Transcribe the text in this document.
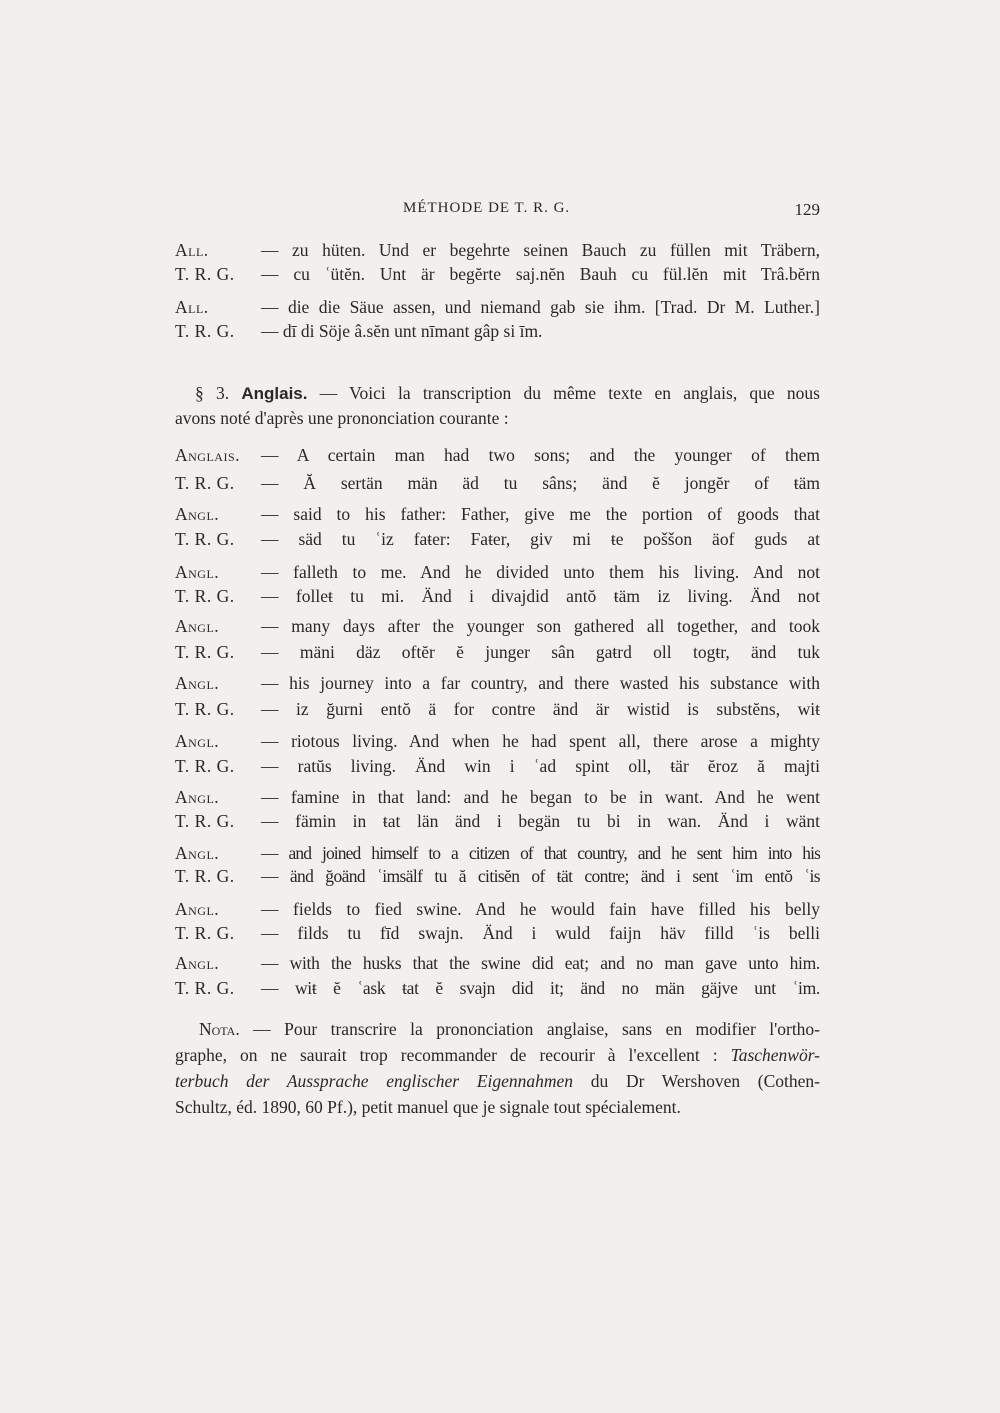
MÉTHODE DE T. R. G.	129
All.	— zu hüten. Und er begehrte seinen Bauch zu füllen mit Träbern,
T. R. G.	— cu ʿütĕn. Unt är begĕrte saj.nĕn Bauh cu fül.lĕn mit Trâ.bĕrn
All.	— die die Säue assen, und niemand gab sie ihm. [Trad. Dr M. Luther.]
T. R. G.	— dī di Söje â.sĕn unt nīmant gâp si īm.
§ 3. Anglais. — Voici la transcription du même texte en anglais, que nous
avons noté d'après une prononciation courante :
Anglais.	— A certain man had two sons; and the younger of them
T. R. G.	— Ă sertän män äd tu sâns; änd ĕ jongĕr of ŧäm
Angl.	— said to his father: Father, give me the portion of goods that
T. R. G.	— säd tu ʿiz faŧer: Faŧer, giv mi ŧe poššon äof guds at
Angl.	— falleth to me. And he divided unto them his living. And not
T. R. G.	— folleŧ tu mi. Änd i divajdid antŏ ŧäm iz living. Änd not
Angl.	— many days after the younger son gathered all together, and took
T. R. G.	— mäni däz oftĕr ĕ junger sân gaŧrd oll togŧr, änd tuk
Angl.	— his journey into a far country, and there wasted his substance with
T. R. G.	— iz ğurni entŏ ä for contre änd är wistid is substĕns, wiŧ
Angl.	— riotous living. And when he had spent all, there arose a mighty
T. R. G.	— ratŭs living. Änd win i ʿad spint oll, ŧär ĕroz ă majti
Angl.	— famine in that land: and he began to be in want. And he went
T. R. G.	— fämin in ŧat län änd i begän tu bi in wan. Änd i wänt
Angl.	— and joined himself to a citizen of that country, and he sent him into his
T. R. G.	— änd ğoänd ʿimsälf tu ă citisĕn of ŧät contre; änd i sent ʿim entŏ ʿis
Angl.	— fields to fied swine. And he would fain have filled his belly
T. R. G.	— filds tu fīd swajn. Änd i wuld faijn häv filld ʿis belli
Angl.	— with the husks that the swine did eat; and no man gave unto him.
T. R. G.	— wiŧ ĕ ʿask ŧat ĕ svajn did it; änd no män gäjve unt ʿim.
Nota. — Pour transcrire la prononciation anglaise, sans en modifier l'ortho-
graphe, on ne saurait trop recommander de recourir à l'excellent : Taschenwör-
terbuch der Aussprache englischer Eigennahmen du Dr Wershoven (Cothen-
Schultz, éd. 1890, 60 Pf.), petit manuel que je signale tout spécialement.
